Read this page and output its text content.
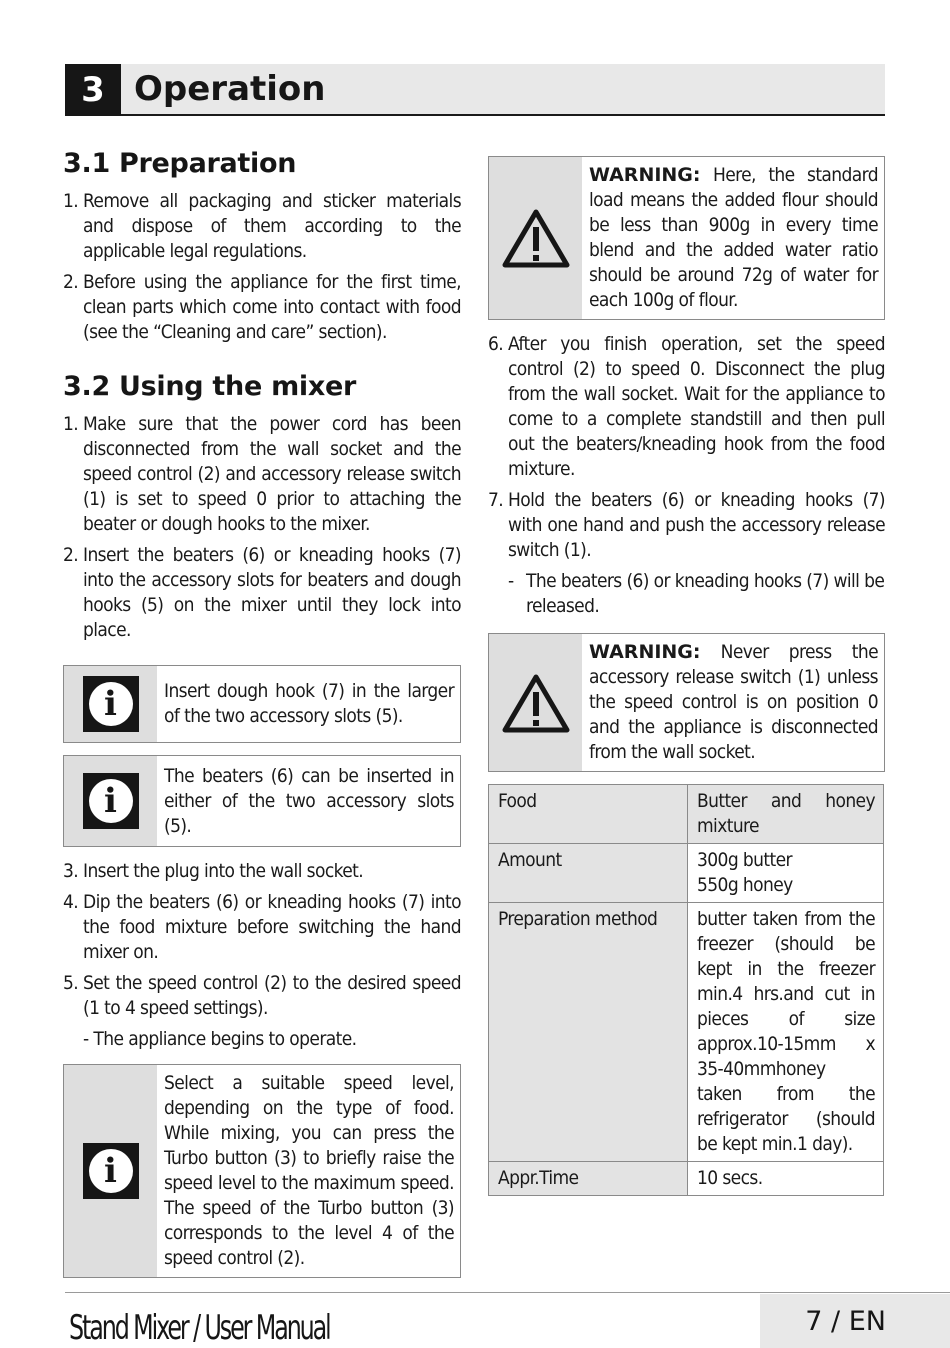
3 Operation
3.1 Preparation
1. Remove all packaging and sticker materials and dispose of them according to the applicable legal regulations.
2. Before using the appliance for the first time, clean parts which come into contact with food (see the “Cleaning and care” section).
3.2 Using the mixer
1. Make sure that the power cord has been disconnected from the wall socket and the speed control (2) and accessory release switch (1) is set to speed 0 prior to attaching the beater or dough hooks to the mixer.
2. Insert the beaters (6) or kneading hooks (7) into the accessory slots for beaters and dough hooks (5) on the mixer until they lock into place.
i	Insert dough hook (7) in the larger of the two accessory slots (5).
i
The beaters (6) can be inserted in either of the two accessory slots (5).
3. Insert the plug into the wall socket.
4. Dip the beaters (6) or kneading hooks (7) into the food mixture before switching the hand mixer on.
5. Set the speed control (2) to the desired speed (1 to 4 speed settings).
- The appliance begins to operate.
i
Select a suitable speed level, depending on the type of food. While mixing, you can press the Turbo button (3) to briefly raise the speed level to the maximum speed. The speed of the Turbo button (3) corresponds to the level 4 of the speed control (2).
WARNING: Here, the standard load means the added flour should be less than 900g in every time blend and the added water ratio should be around 72g of water for each 100g of flour.
6. After you finish operation, set the speed control (2) to speed 0. Disconnect the plug from the wall socket. Wait for the appliance to come to a complete standstill and then pull out the beaters/kneading hook from the food mixture.
7. Hold the beaters (6) or kneading hooks (7) with one hand and push the accessory release switch (1).
- The beaters (6) or kneading hooks (7) will be released.
WARNING: Never press the accessory release switch (1) unless the speed control is on position 0 and the appliance is disconnected from the wall socket.
Food	Butter and honey mixture
Amount	300g butter
550g honey
Preparation method	butter taken from the freezer (should be kept in the freezer min.4 hrs.and cut in pieces of size approx.10-15mm x 35-40mmhoney taken from the refrigerator (should be kept min.1 day).
Appr.Time	10 secs.
Stand Mixer / User Manual	7 / EN
